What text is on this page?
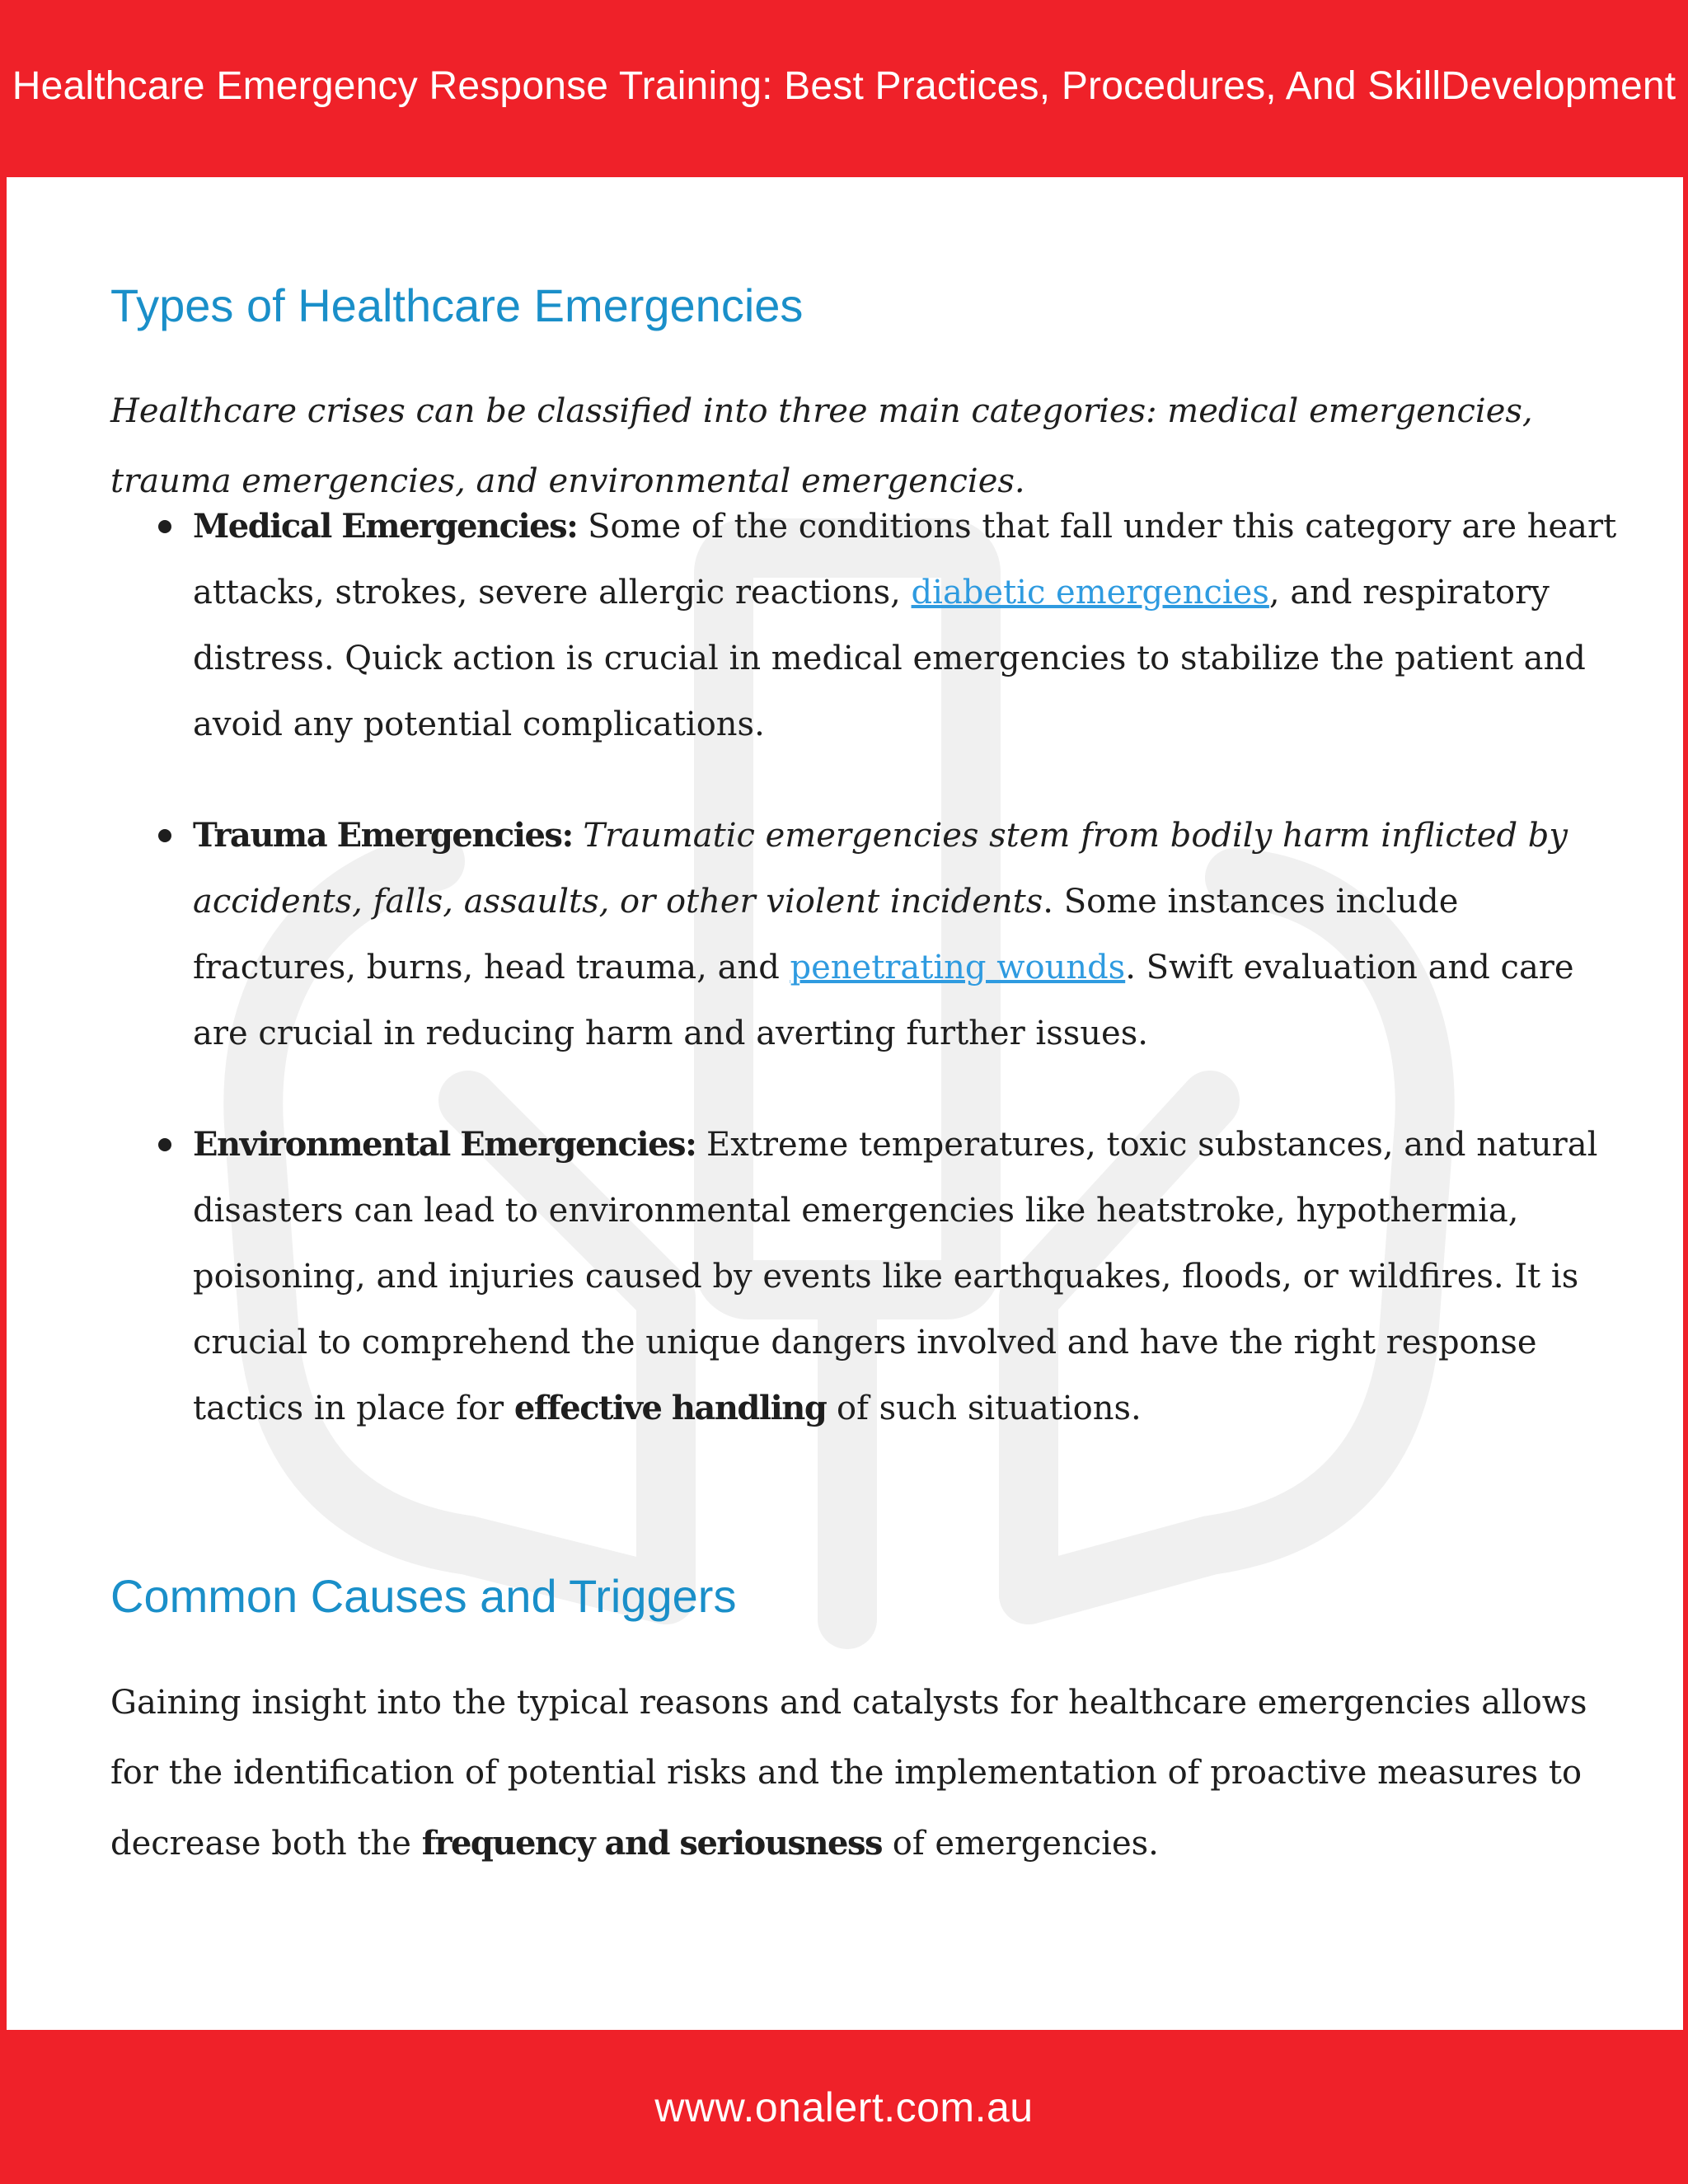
Healthcare Emergency Response Training: Best Practices, Procedures, And SkillDevelopment
Types of Healthcare Emergencies

Healthcare crises can be classified into three main categories: medical emergencies, trauma emergencies, and environmental emergencies.

Medical Emergencies: Some of the conditions that fall under this category are heart attacks, strokes, severe allergic reactions, diabetic emergencies, and respiratory distress. Quick action is crucial in medical emergencies to stabilize the patient and avoid any potential complications.
Trauma Emergencies: Traumatic emergencies stem from bodily harm inflicted by accidents, falls, assaults, or other violent incidents. Some instances include fractures, burns, head trauma, and penetrating wounds. Swift evaluation and care are crucial in reducing harm and averting further issues.
Environmental Emergencies: Extreme temperatures, toxic substances, and natural disasters can lead to environmental emergencies like heatstroke, hypothermia, poisoning, and injuries caused by events like earthquakes, floods, or wildfires. It is crucial to comprehend the unique dangers involved and have the right response tactics in place for effective handling of such situations.
Common Causes and Triggers

Gaining insight into the typical reasons and catalysts for healthcare emergencies allows for the identification of potential risks and the implementation of proactive measures to decrease both the frequency and seriousness of emergencies.

www.onalert.com.au
